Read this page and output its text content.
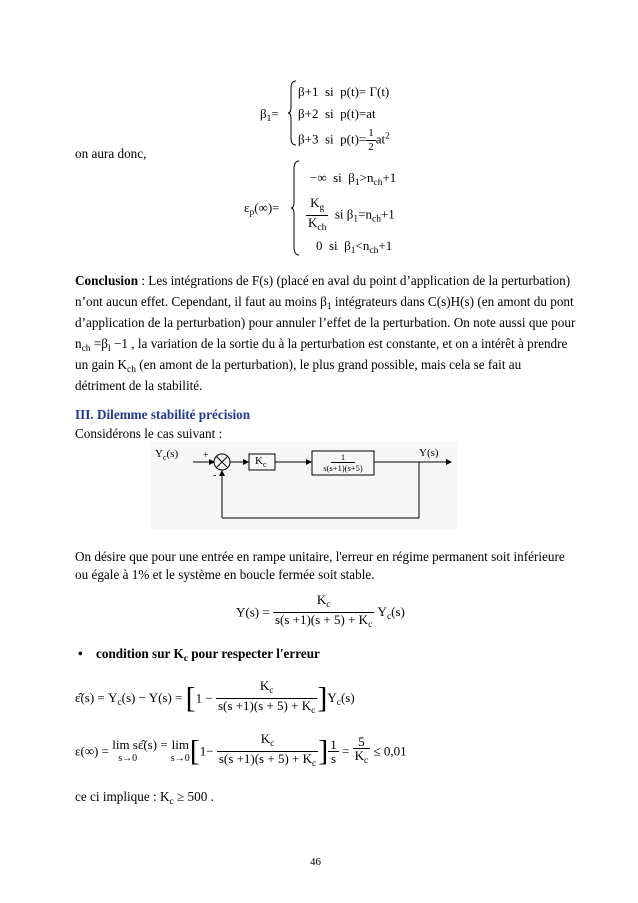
$\beta_1=$
β+1 si p(t)= Γ(t)
β+2 si p(t)=at
β+3 si $p(t)= \frac{1}{2} at^2$
on aura donc,
$\varepsilon_p(\infty)=$
−∞ si $\beta_1>n_{ch}+1$
$\frac{K_g}{K_{ch}}$ si $\beta_1=n_{ch}+1$
0 si $\beta_1<n_{ch}+1$
Conclusion : Les intégrations de F(s) (placé en aval du point d’application de la perturbation)
n’ont aucun effet. Cependant, il faut au moins $\beta_1$ intégrateurs dans C(s)H(s) (en amont du pont
d’application de la perturbation) pour annuler l’effet de la perturbation. On note aussi que pour
$n_{ch} =\beta_l -1$ , la variation de la sortie du à la perturbation est constante, et on a intérêt à prendre
un gain $K_{ch}$ (en amont de la perturbation), le plus grand possible, mais cela se fait au
détriment de la stabilité.
III. Dilemme stabilité précision
Considérons le cas suivant :
$Y_c(s)$ +
-
$K_c$
1
s(s+1)(s+5)
Y(s)
On désire que pour une entrée en rampe unitaire, l'erreur en régime permanent soit inférieure
ou égale à 1% et le système en boucle fermée soit stable.
$Y(s) = \frac{K_c}{s(s +1)(s + 5) + K_c} Y_c(s)$
• condition sur $K_c$ pour respecter l'erreur
ε̂(s) = $Y_c(s) - Y(s) = [1 - \frac{K_c}{s(s +1)(s + 5) + K_c} ]Y_c(s)$
ε(∞) = lim sε̂(s) =
s→0

lim
s→0 [$1- \frac{K_c}{s(s +1)(s + 5) + K_c}$ ] $\frac{1}{s} = \frac{5}{K_c} \le 0,01$
ce ci implique : $K_c \ge 500$ .
46
